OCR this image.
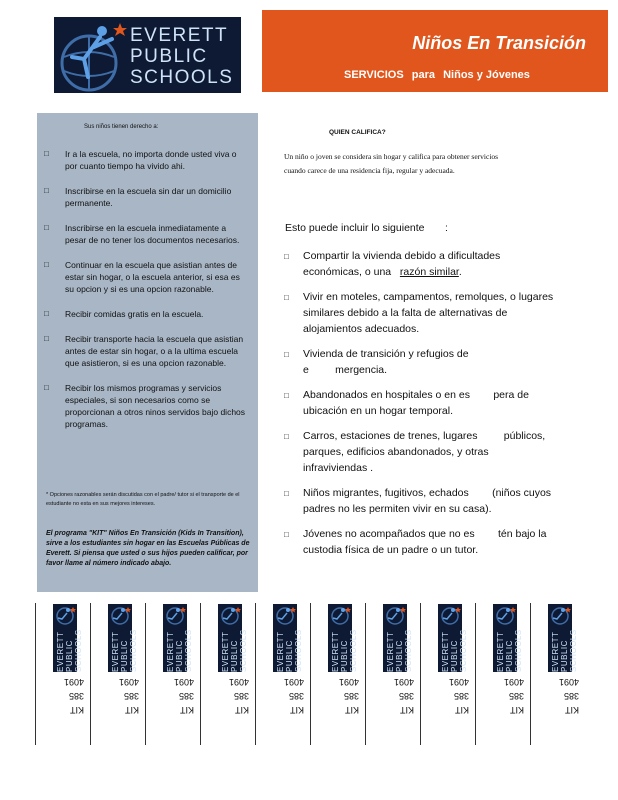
EVERETT
PUBLIC
SCHOOLS
Niños En Transición
SERVICIOS para Niños y Jóvenes
Sus niños tienen derecho a:
□ Ir a la escuela, no importa donde usted viva o por cuanto tiempo ha vivido ahi.
□ Inscribirse en la escuela sin dar un domicilio permanente.
□ Inscribirse en la escuela inmediatamente a pesar de no tener los documentos necesarios.
□ Continuar en la escuela que asistian antes de estar sin hogar, o la escuela anterior, si esa es su opcion y si es una opcion razonable.
□ Recibir comidas gratis en la escuela.
□ Recibir transporte hacia la escuela que asistian antes de estar sin hogar, o a la ultima escuela que asistieron, si es una opcion razonable.
□ Recibir los mismos programas y servicios especiales, si son necesarios como se proporcionan a otros ninos servidos bajo dichos programas.
* Opciones razonables serán discutidas con el padre/ tutor si el transporte de el estudiante no esta en sus mejores intereses.
El programa "KIT" Niños En Transición (Kids In Transition), sirve a los estudiantes sin hogar en las Escuelas Públicas de Everett. Si piensa que usted o sus hijos pueden calificar, por favor llame al número indicado abajo.
QUIEN CALIFICA?
Un niño o joven se considera sin hogar y califica para obtener servicios cuando carece de una residencia fija, regular y adecuada.
Esto puede incluir lo siguiente :
□ Compartir la vivienda debido a dificultades económicas, o una razón similar.
□ Vivir en moteles, campamentos, remolques, o lugares similares debido a la falta de alternativas de alojamientos adecuados.
□ Vivienda de transición y refugios de e	mergencia.
□ Abandonados en hospitales o en es pera de ubicación en un hogar temporal.
□ Carros, estaciones de trenes, lugares	públicos, parques, edificios abandonados, y otras infraviviendas .
□ Niños migrantes, fugitivos, echados (niños cuyos padres no les permiten vivir en su casa).
□ Jóvenes no acompañados que no es tén bajo la custodia física de un padre o un tutor.
EVERETT PUBLIC SCHOOLS
KIT
385
4091
EVERETT PUBLIC SCHOOLS
KIT
385
4091
EVERETT PUBLIC SCHOOLS
KIT
385
4091
EVERETT PUBLIC SCHOOLS
KIT
385
4091
EVERETT PUBLIC SCHOOLS
KIT
385
4091
EVERETT PUBLIC SCHOOLS
KIT
385
4091
EVERETT PUBLIC SCHOOLS
KIT
385
4091
EVERETT PUBLIC SCHOOLS
KIT
385
4091
EVERETT PUBLIC SCHOOLS
KIT
385
4091
EVERETT PUBLIC SCHOOLS
KIT
385
4091
